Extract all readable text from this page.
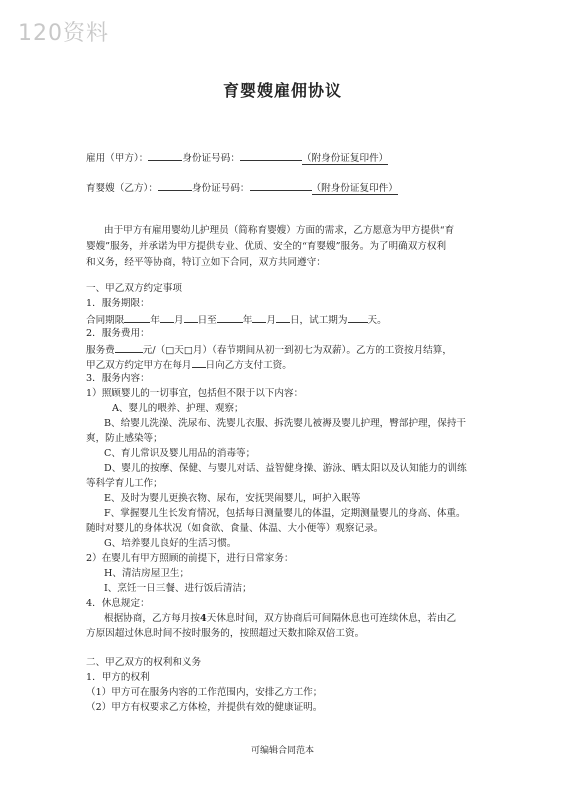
120资料
育婴嫂雇佣协议
雇用（甲方）：	身份证号码：	（附身份证复印件）
育婴嫂（乙方）：	身份证号码：	（附身份证复印件）
由于甲方有雇用婴幼儿护理员（简称育婴嫂）方面的需求，乙方愿意为甲方提供“育
婴嫂”服务，并承诺为甲方提供专业、优质、安全的“育婴嫂”服务。为了明确双方权利
和义务，经平等协商，特订立如下合同，双方共同遵守：
一、甲乙双方约定事项
1．服务期限：
合同期限	年 月 日至	年 月 日，试工期为 天。
2．服务费用：
服务费	元/（□天□月）（春节期间从初一到初七为双薪）。乙方的工资按月结算，
甲乙双方约定甲方在每月 日向乙方支付工资。
3．服务内容：
1）照顾婴儿的一切事宜，包括但不限于以下内容：
A、婴儿的喂养、护理、观察；
B、给婴儿洗澡、洗尿布、洗婴儿衣服、拆洗婴儿被褥及婴儿护理，臀部护理，保持干
爽，防止感染等；
C、育儿常识及婴儿用品的消毒等；
D、婴儿的按摩、保健、与婴儿对话、益智健身操、游泳、晒太阳以及认知能力的训练
等科学育儿工作；
E、及时为婴儿更换衣物、尿布，安抚哭闹婴儿，呵护入眠等
F、掌握婴儿生长发育情况，包括每日测量婴儿的体温，定期测量婴儿的身高、体重。
随时对婴儿的身体状况（如食欲、食量、体温、大小便等）观察记录。
G、培养婴儿良好的生活习惯。
2）在婴儿有甲方照顾的前提下，进行日常家务：
H、清洁房屋卫生；
I、烹饪一日三餐、进行饭后清洁；
4．休息规定：
根据协商，乙方每月按4天休息时间，双方协商后可间隔休息也可连续休息，若由乙
方原因超过休息时间不按时服务的，按照超过天数扣除双倍工资。
二、甲乙双方的权利和义务
1．甲方的权利
（1）甲方可在服务内容的工作范围内，安排乙方工作；
（2）甲方有权要求乙方体检，并提供有效的健康证明。
可编辑合同范本
